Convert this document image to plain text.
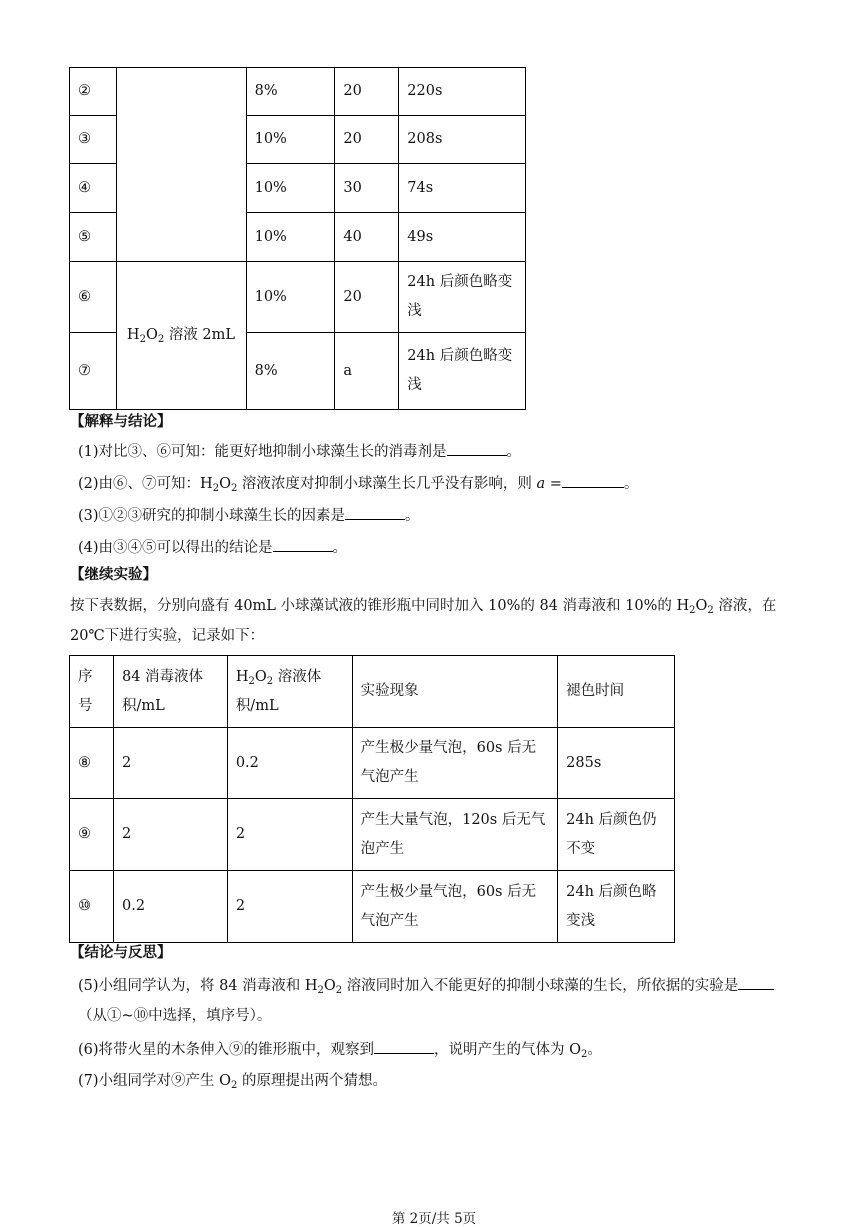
②		8%	20	220s
③		10%	20	208s
④		10%	30	74s
⑤		10%	40	49s
⑥	$H_2O_2$ 溶液 2mL	10%	20	24h 后颜色略变浅
⑦		8%	a	24h 后颜色略变浅
【解释与结论】
(1)对比③、⑥可知：能更好地抑制小球藻生长的消毒剂是	。
(2)由⑥、⑦可知：$H_2O_2$ 溶液浓度对抑制小球藻生长几乎没有影响，则 a =	。
(3)①②③研究的抑制小球藻生长的因素是	。
(4)由③④⑤可以得出的结论是	。
【继续实验】
按下表数据，分别向盛有 40mL 小球藻试液的锥形瓶中同时加入 10%的 84 消毒液和 10%的 $H_2O_2$ 溶液，在
20℃下进行实验，记录如下：
序号	84 消毒液体积/mL	$H_2O_2$ 溶液体积/mL	实验现象	褪色时间
⑧	2	0.2	产生极少量气泡，60s 后无气泡产生	285s
⑨	2	2	产生大量气泡，120s 后无气泡产生	24h 后颜色仍不变
⑩	0.2	2	产生极少量气泡，60s 后无气泡产生	24h 后颜色略变浅
【结论与反思】
(5)小组同学认为，将 84 消毒液和 $H_2O_2$ 溶液同时加入不能更好的抑制小球藻的生长，所依据的实验是
（从①~⑩中选择，填序号）。
(6)将带火星的木条伸入⑨的锥形瓶中，观察到	，说明产生的气体为 $O_2$。
(7)小组同学对⑨产生 $O_2$ 的原理提出两个猜想。
第 2页/共 5页
